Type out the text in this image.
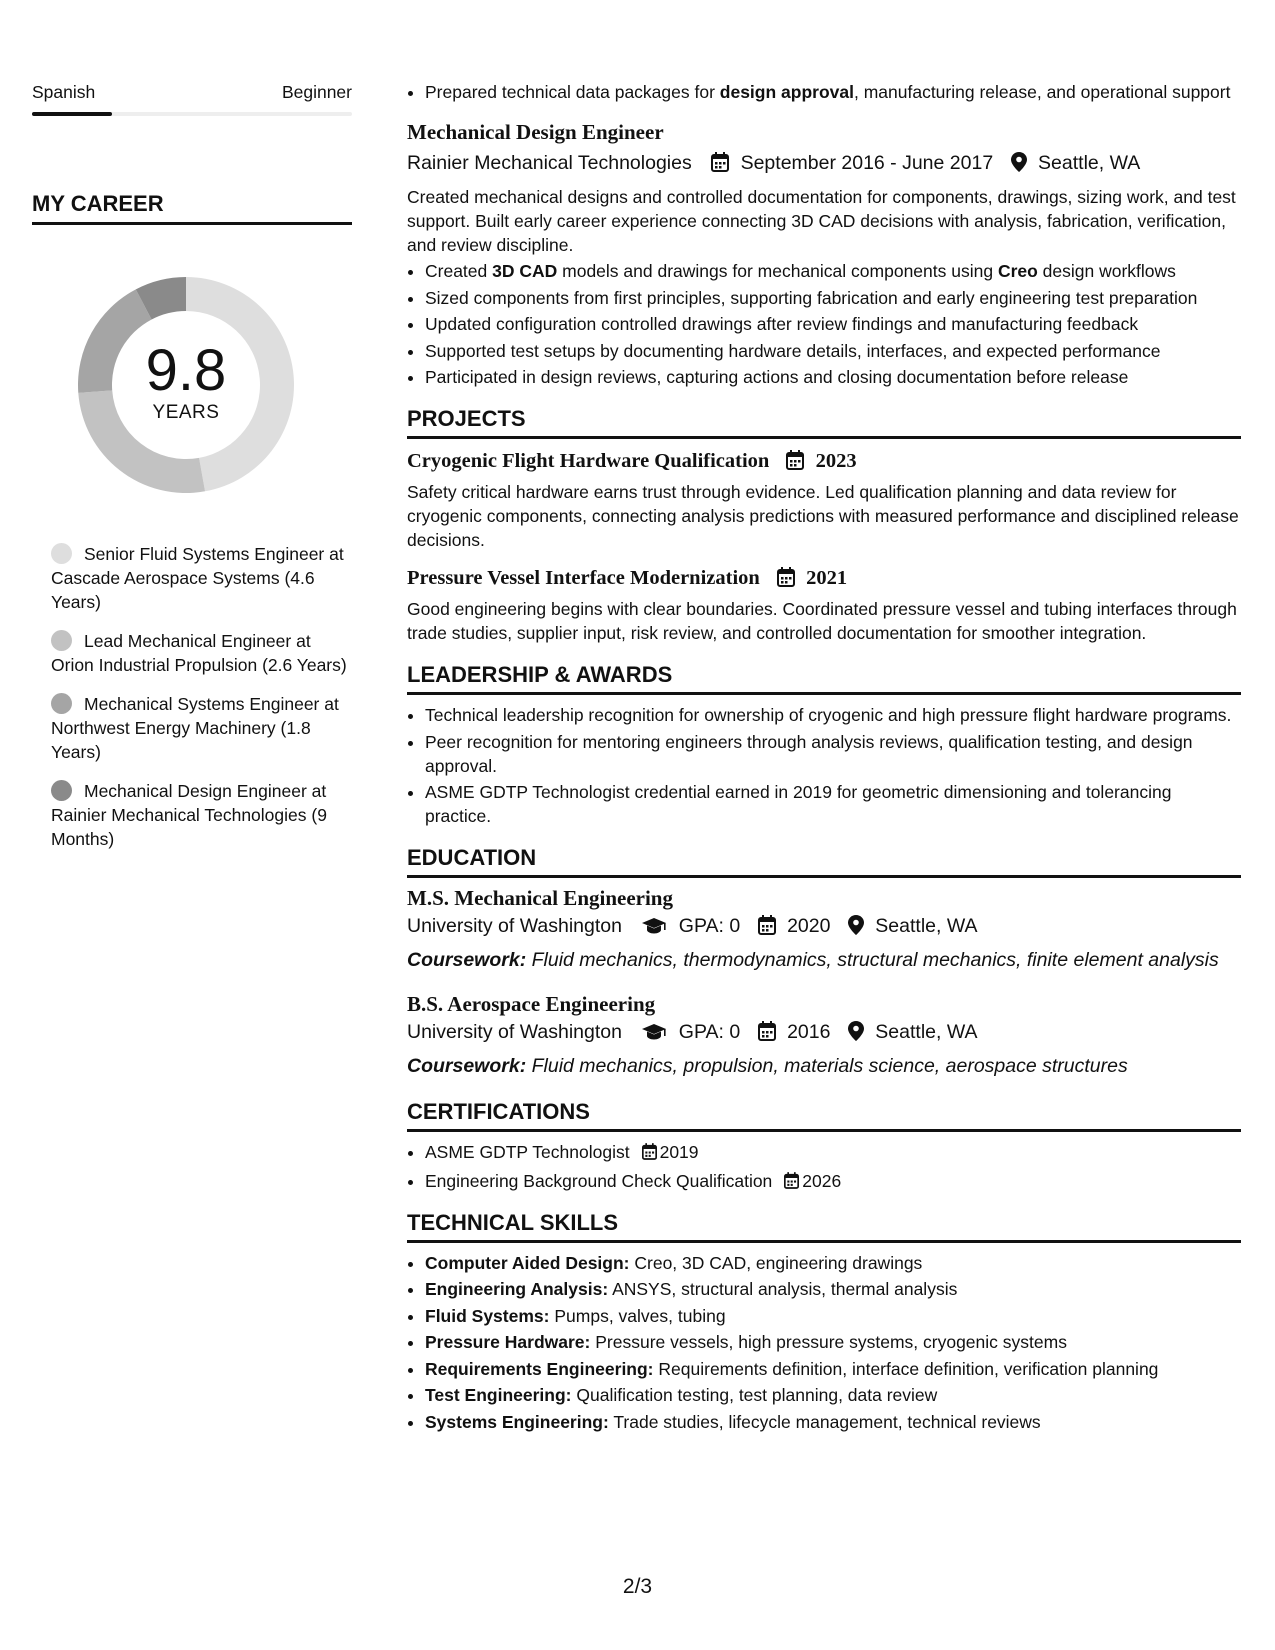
Spanish	Beginner
MY CAREER
9.8
YEARS
Senior Fluid Systems Engineer at Cascade Aerospace Systems (4.6 Years)
Lead Mechanical Engineer at Orion Industrial Propulsion (2.6 Years)
Mechanical Systems Engineer at Northwest Energy Machinery (1.8 Years)
Mechanical Design Engineer at Rainier Mechanical Technologies (9 Months)
• Prepared technical data packages for design approval, manufacturing release, and operational support
Mechanical Design Engineer
Rainier Mechanical Technologies	September 2016 - June 2017 Seattle, WA
Created mechanical designs and controlled documentation for components, drawings, sizing work, and test support. Built early career experience connecting 3D CAD decisions with analysis, fabrication, verification, and review discipline.
• Created 3D CAD models and drawings for mechanical components using Creo design workflows
• Sized components from first principles, supporting fabrication and early engineering test preparation
• Updated configuration controlled drawings after review findings and manufacturing feedback
• Supported test setups by documenting hardware details, interfaces, and expected performance
• Participated in design reviews, capturing actions and closing documentation before release
PROJECTS
Cryogenic Flight Hardware Qualification 2023
Safety critical hardware earns trust through evidence. Led qualification planning and data review for cryogenic components, connecting analysis predictions with measured performance and disciplined release decisions.
Pressure Vessel Interface Modernization 2021
Good engineering begins with clear boundaries. Coordinated pressure vessel and tubing interfaces through trade studies, supplier input, risk review, and controlled documentation for smoother integration.
LEADERSHIP & AWARDS
• Technical leadership recognition for ownership of cryogenic and high pressure flight hardware programs.
• Peer recognition for mentoring engineers through analysis reviews, qualification testing, and design approval.
• ASME GDTP Technologist credential earned in 2019 for geometric dimensioning and tolerancing practice.
EDUCATION
M.S. Mechanical Engineering
University of Washington	GPA: 0 2020 Seattle, WA
Coursework: Fluid mechanics, thermodynamics, structural mechanics, finite element analysis
B.S. Aerospace Engineering
University of Washington	GPA: 0 2016 Seattle, WA
Coursework: Fluid mechanics, propulsion, materials science, aerospace structures
CERTIFICATIONS
• ASME GDTP Technologist 2019
• Engineering Background Check Qualification 2026
TECHNICAL SKILLS
• Computer Aided Design: Creo, 3D CAD, engineering drawings
• Engineering Analysis: ANSYS, structural analysis, thermal analysis
• Fluid Systems: Pumps, valves, tubing
• Pressure Hardware: Pressure vessels, high pressure systems, cryogenic systems
• Requirements Engineering: Requirements definition, interface definition, verification planning
• Test Engineering: Qualification testing, test planning, data review
• Systems Engineering: Trade studies, lifecycle management, technical reviews
2/3
